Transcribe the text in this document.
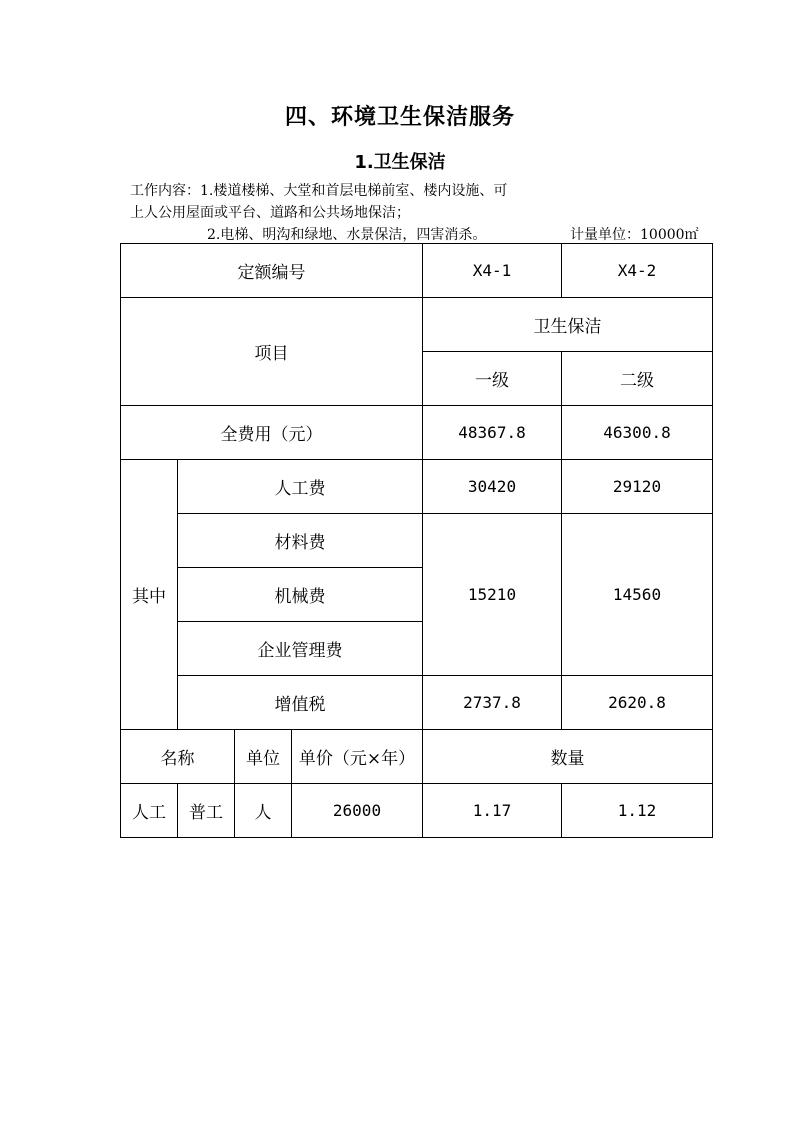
四、环境卫生保洁服务
1.卫生保洁
工作内容：1.楼道楼梯、大堂和首层电梯前室、楼内设施、可
上人公用屋面或平台、道路和公共场地保洁；
2.电梯、明沟和绿地、水景保洁，四害消杀。	计量单位：10000㎡
定额编号				X4-1	X4-2
项目				卫生保洁	
				一级	二级
全费用（元）				48367.8	46300.8
其中	人工费			30420	29120
	材料费			15210	14560
	机械费				
	企业管理费				
	增值税			2737.8	2620.8
名称		单位	单价（元×年）	数量	
人工	普工	人	26000	1.17	1.12
